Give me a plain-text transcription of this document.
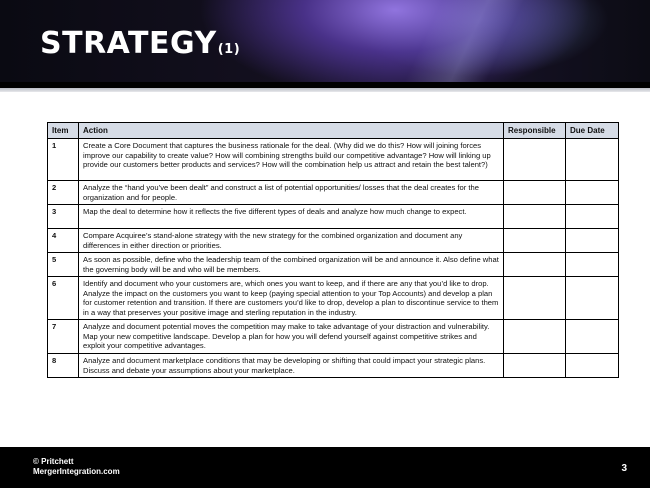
STRATEGY(1)
Item	Action	Responsible	Due Date
1	Create a Core Document that captures the business rationale for the deal. (Why did we do this? How will joining forces improve our capability to create value? How will combining strengths build our competitive advantage? How will linking up provide our customers better products and services? How will the combination help us attract and retain the best talent?)		
2	Analyze the “hand you’ve been dealt” and construct a list of potential opportunities/ losses that the deal creates for the organization and for people.		
3	Map the deal to determine how it reflects the five different types of deals and analyze how much change to expect.		
4	Compare Acquiree’s stand-alone strategy with the new strategy for the combined organization and document any differences in either direction or priorities.		
5	As soon as possible, define who the leadership team of the combined organization will be and announce it. Also define what the governing body will be and who will be members.		
6	Identify and document who your customers are, which ones you want to keep, and if there are any that you’d like to drop. Analyze the impact on the customers you want to keep (paying special attention to your Top Accounts) and develop a plan for customer retention and transition. If there are customers you’d like to drop, develop a plan to discontinue service to them in a way that preserves your positive image and sterling reputation in the industry.		
7	Analyze and document potential moves the competition may make to take advantage of your distraction and vulnerability. Map your new competitive landscape. Develop a plan for how you will defend yourself against competitive strikes and exploit your competitive advantages.		
8	Analyze and document marketplace conditions that may be developing or shifting that could impact your strategic plans. Discuss and debate your assumptions about your marketplace.		
© Pritchett
MergerIntegration.com	3
